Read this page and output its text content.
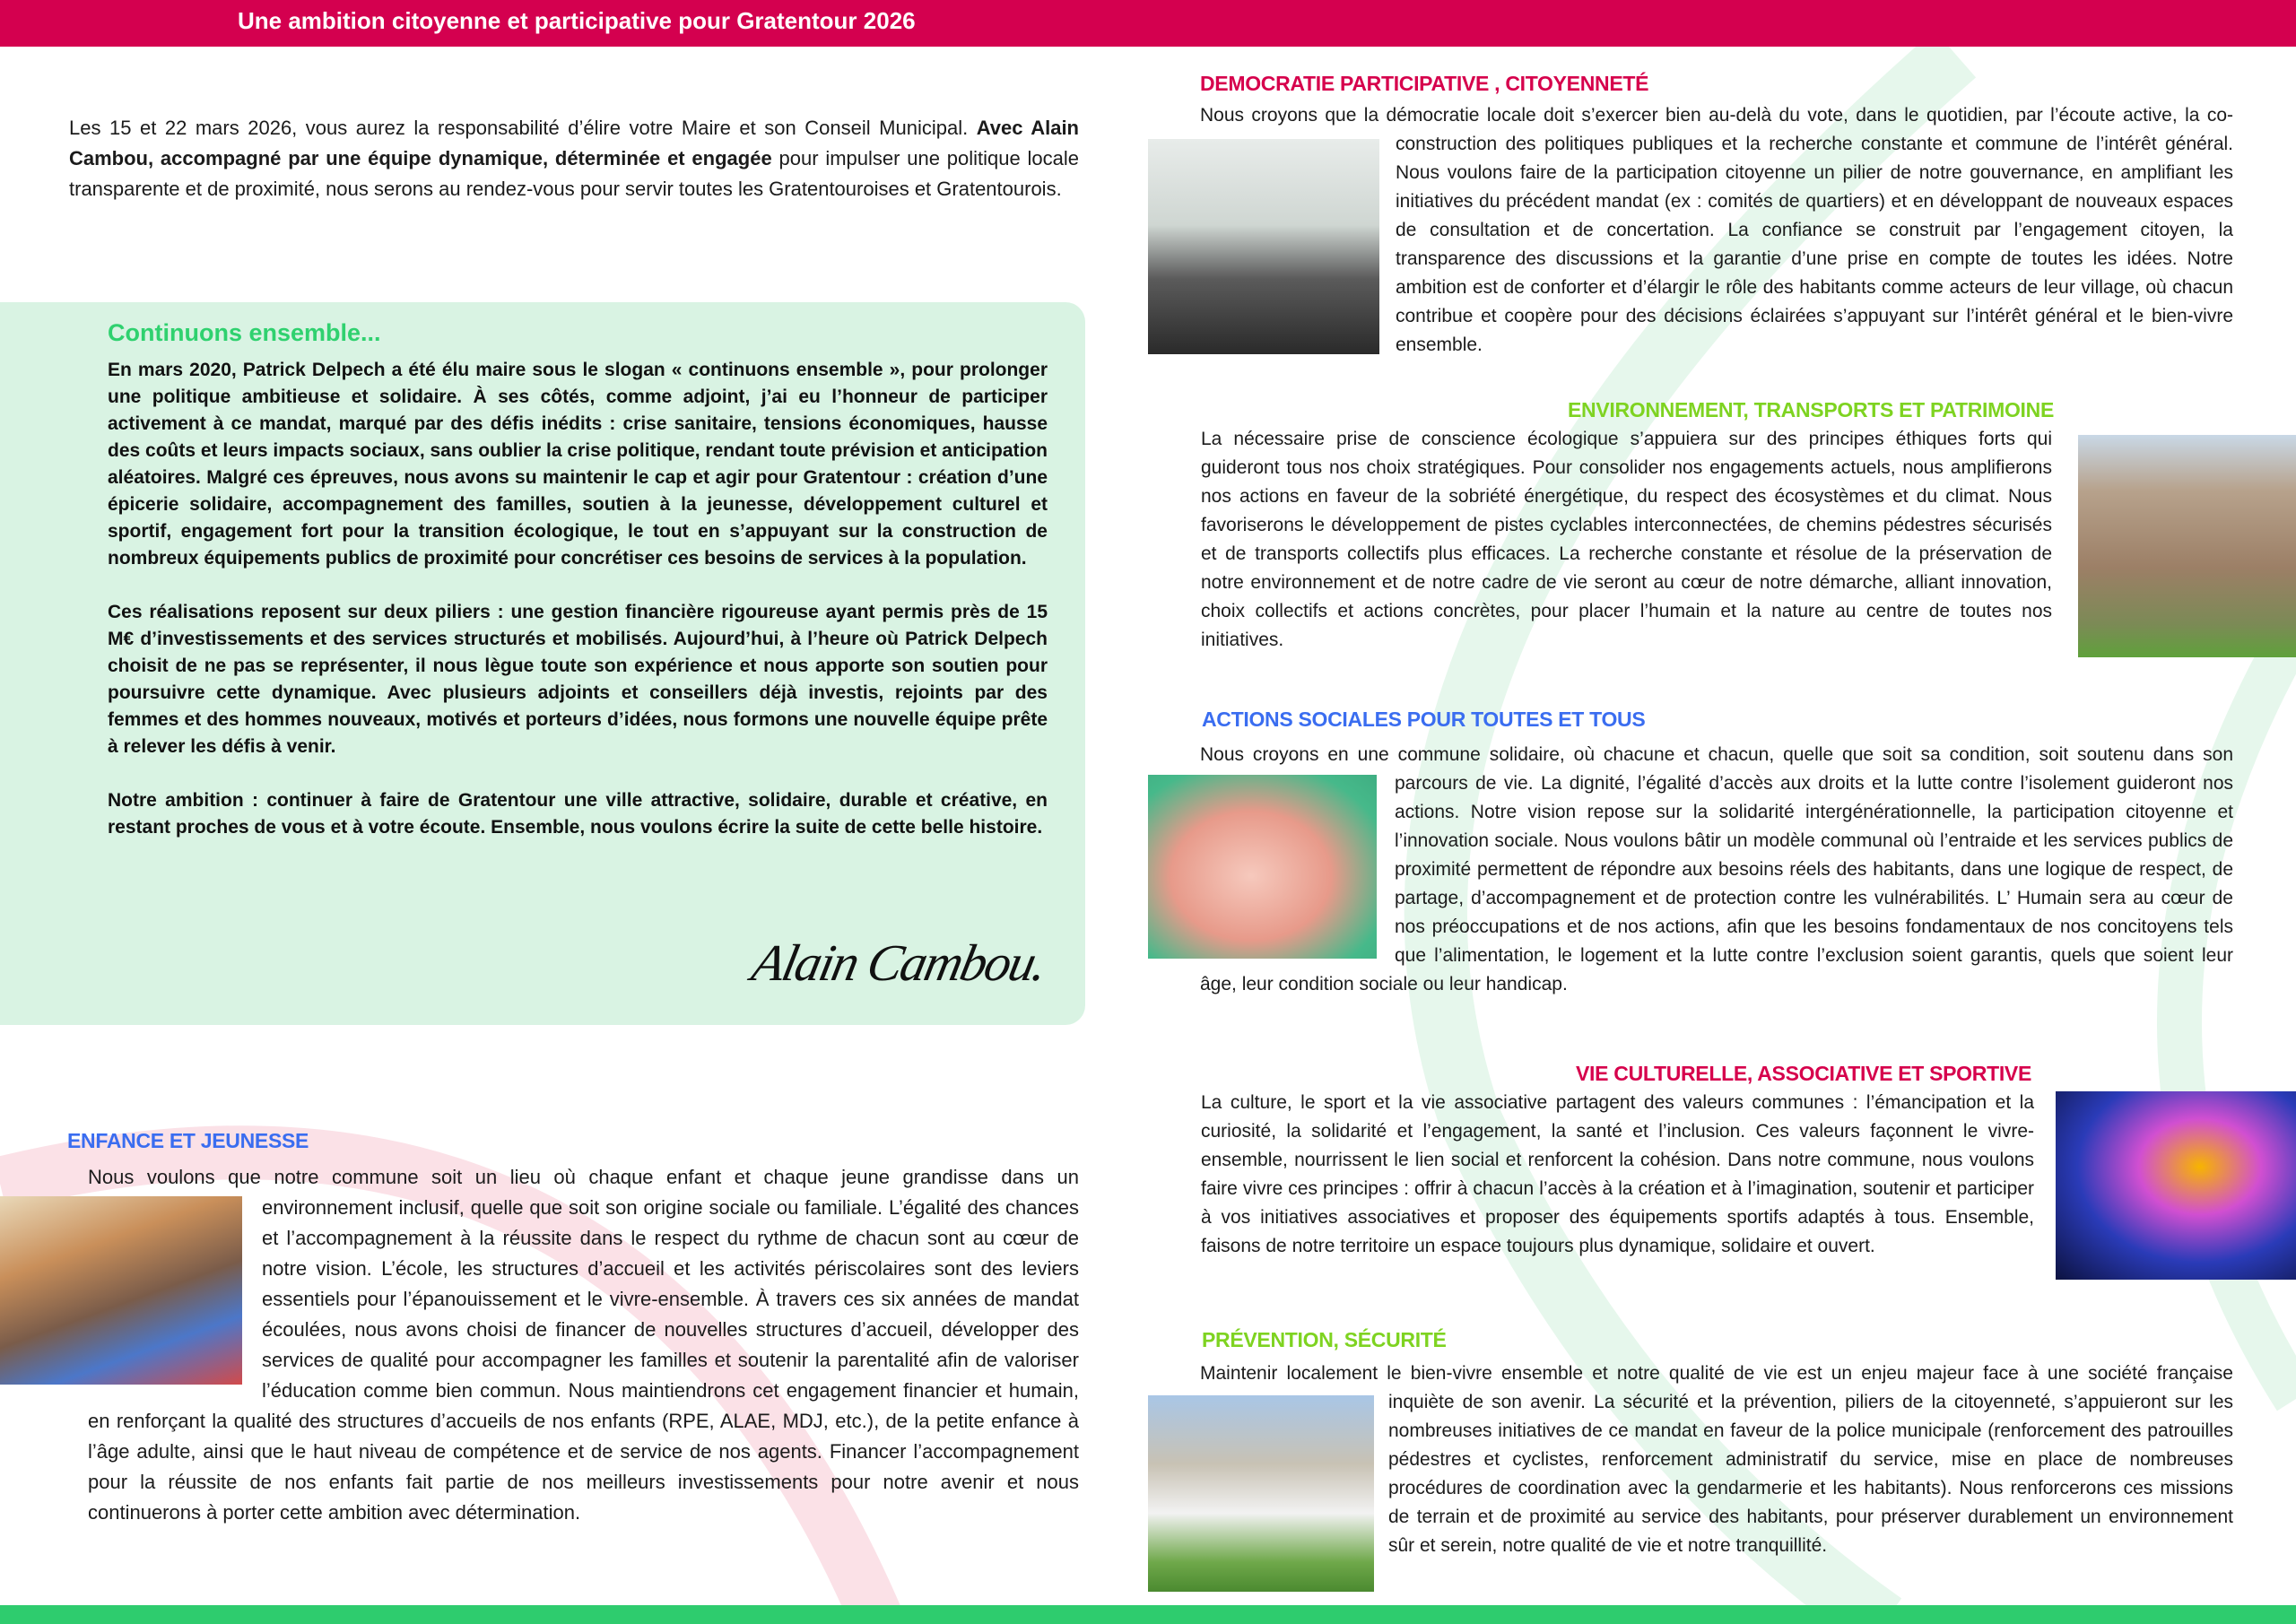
Une ambition citoyenne et participative pour Gratentour 2026
Les 15 et 22 mars 2026, vous aurez la responsabilité d’élire votre Maire et son Conseil Municipal. Avec Alain Cambou, accompagné par une équipe dynamique, déterminée et engagée pour impulser une politique locale transparente et de proximité, nous serons au rendez-vous pour servir toutes les Gratentouroises et Gratentourois.
Continuons ensemble...

En mars 2020, Patrick Delpech a été élu maire sous le slogan « continuons ensemble », pour prolonger une politique ambitieuse et solidaire. À ses côtés, comme adjoint, j’ai eu l’honneur de participer activement à ce mandat, marqué par des défis inédits : crise sanitaire, tensions économiques, hausse des coûts et leurs impacts sociaux, sans oublier la crise politique, rendant toute prévision et anticipation aléatoires. Malgré ces épreuves, nous avons su maintenir le cap et agir pour Gratentour : création d’une épicerie solidaire, accompagnement des familles, soutien à la jeunesse, développement culturel et sportif, engagement fort pour la transition écologique, le tout en s’appuyant sur la construction de nombreux équipements publics de proximité pour concrétiser ces besoins de services à la population.

Ces réalisations reposent sur deux piliers : une gestion financière rigoureuse ayant permis près de 15 M€ d’investissements et des services structurés et mobilisés. Aujourd’hui, à l’heure où Patrick Delpech choisit de ne pas se représenter, il nous lègue toute son expérience et nous apporte son soutien pour poursuivre cette dynamique. Avec plusieurs adjoints et conseillers déjà investis, rejoints par des femmes et des hommes nouveaux, motivés et porteurs d’idées, nous formons une nouvelle équipe prête à relever les défis à venir.

Notre ambition : continuer à faire de Gratentour une ville attractive, solidaire, durable et créative, en restant proches de vous et à votre écoute. Ensemble, nous voulons écrire la suite de cette belle histoire.

Alain Cambou.
ENFANCE ET JEUNESSE
Nous voulons que notre commune soit un lieu où chaque enfant et chaque jeune grandisse dans un environnement inclusif, quelle que soit son origine sociale ou familiale. L’égalité des chances et l’accompagnement à la réussite dans le respect du rythme de chacun sont au cœur de notre vision. L’école, les structures d’accueil et les activités périscolaires sont des leviers essentiels pour l’épanouissement et le vivre-ensemble. À travers ces six années de mandat écoulées, nous avons choisi de financer de nouvelles structures d’accueil, développer des services de qualité pour accompagner les familles et soutenir la parentalité afin de valoriser l’éducation comme bien commun. Nous maintiendrons cet engagement financier et humain, en renforçant la qualité des structures d’accueils de nos enfants (RPE, ALAE, MDJ, etc.), de la petite enfance à l’âge adulte, ainsi que le haut niveau de compétence et de service de nos agents. Financer l’accompagnement pour la réussite de nos enfants fait partie de nos meilleurs investissements pour notre avenir et nous continuerons à porter cette ambition avec détermination.
DEMOCRATIE PARTICIPATIVE , CITOYENNETÉ
Nous croyons que la démocratie locale doit s’exercer bien au-delà du vote, dans le quotidien, par l’écoute active, la co-construction des politiques publiques et la recherche constante et commune de l’intérêt général. Nous voulons faire de la participation citoyenne un pilier de notre gouvernance, en amplifiant les initiatives du précédent mandat (ex : comités de quartiers) et en développant de nouveaux espaces de consultation et de concertation. La confiance se construit par l’engagement citoyen, la transparence des discussions et la garantie d’une prise en compte de toutes les idées. Notre ambition est de conforter et d’élargir le rôle des habitants comme acteurs de leur village, où chacun contribue et coopère pour des décisions éclairées s’appuyant sur l’intérêt général et le bien-vivre ensemble.
ENVIRONNEMENT, TRANSPORTS ET PATRIMOINE
La nécessaire prise de conscience écologique s’appuiera sur des principes éthiques forts qui guideront tous nos choix stratégiques. Pour consolider nos engagements actuels, nous amplifierons nos actions en faveur de la sobriété énergétique, du respect des écosystèmes et du climat. Nous favoriserons le développement de pistes cyclables interconnectées, de chemins pédestres sécurisés et de transports collectifs plus efficaces. La recherche constante et résolue de la préservation de notre environnement et de notre cadre de vie seront au cœur de notre démarche, alliant innovation, choix collectifs et actions concrètes, pour placer l’humain et la nature au centre de toutes nos initiatives.
ACTIONS SOCIALES POUR TOUTES ET TOUS
Nous croyons en une commune solidaire, où chacune et chacun, quelle que soit sa condition, soit soutenu dans son parcours de vie. La dignité, l’égalité d’accès aux droits et la lutte contre l’isolement guideront nos actions. Notre vision repose sur la solidarité intergénérationnelle, la participation citoyenne et l’innovation sociale. Nous voulons bâtir un modèle communal où l’entraide et les services publics de proximité permettent de répondre aux besoins réels des habitants, dans une logique de respect, de partage, d’accompagnement et de protection contre les vulnérabilités. L’ Humain sera au cœur de nos préoccupations et de nos actions, afin que les besoins fondamentaux de nos concitoyens tels que l’alimentation, le logement et la lutte contre l’exclusion soient garantis, quels que soient leur âge, leur condition sociale ou leur handicap.
VIE CULTURELLE, ASSOCIATIVE ET SPORTIVE
La culture, le sport et la vie associative partagent des valeurs communes : l’émancipation et la curiosité, la solidarité et l’engagement, la santé et l’inclusion. Ces valeurs façonnent le vivre-ensemble, nourrissent le lien social et renforcent la cohésion. Dans notre commune, nous voulons faire vivre ces principes : offrir à chacun l’accès à la création et à l’imagination, soutenir et participer à vos initiatives associatives et proposer des équipements sportifs adaptés à tous. Ensemble, faisons de notre territoire un espace toujours plus dynamique, solidaire et ouvert.
PRÉVENTION, SÉCURITÉ
Maintenir localement le bien-vivre ensemble et notre qualité de vie est un enjeu majeur face à une société française inquiète de son avenir. La sécurité et la prévention, piliers de la citoyenneté, s’appuieront sur les nombreuses initiatives de ce mandat en faveur de la police municipale (renforcement des patrouilles pédestres et cyclistes, renforcement administratif du service, mise en place de nombreuses procédures de coordination avec la gendarmerie et les habitants). Nous renforcerons ces missions de terrain et de proximité au service des habitants, pour préserver durablement un environnement sûr et serein, notre qualité de vie et notre tranquillité.
